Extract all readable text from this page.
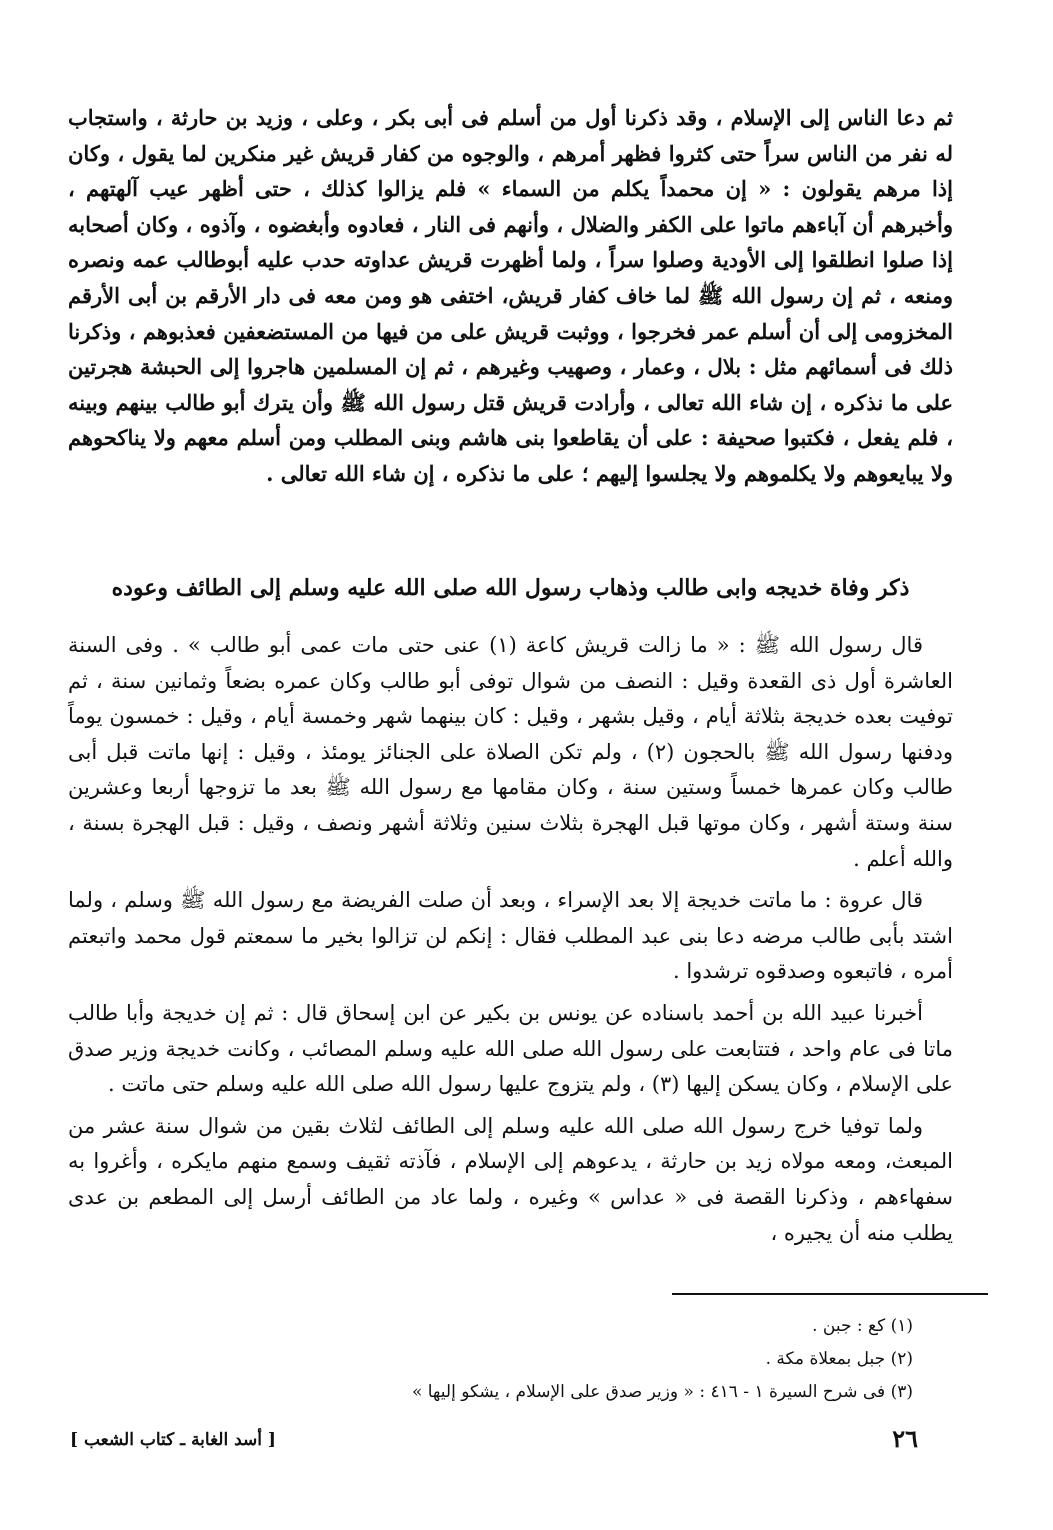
ثم دعا الناس إلى الإسلام ، وقد ذكرنا أول من أسلم فى أبى بكر ، وعلى ، وزيد بن حارثة ، واستجاب له نفر من الناس سراً حتى كثروا فظهر أمرهم ، والوجوه من كفار قريش غير منكرين لما يقول ، وكان إذا مرهم يقولون : « إن محمداً يكلم من السماء » فلم يزالوا كذلك ، حتى أظهر عيب آلهتهم ، وأخبرهم أن آباءهم ماتوا على الكفر والضلال ، وأنهم فى النار ، فعادوه وأبغضوه ، وآذوه ، وكان أصحابه إذا صلوا انطلقوا إلى الأودية وصلوا سراً ، ولما أظهرت قريش عداوته حدب عليه أبوطالب عمه ونصره ومنعه ، ثم إن رسول الله ﷺ لما خاف كفار قريش، اختفى هو ومن معه فى دار الأرقم بن أبى الأرقم المخزومى إلى أن أسلم عمر فخرجوا ، ووثبت قريش على من فيها من المستضعفين فعذبوهم ، وذكرنا ذلك فى أسمائهم مثل : بلال ، وعمار ، وصهيب وغيرهم ، ثم إن المسلمين هاجروا إلى الحبشة هجرتين على ما نذكره ، إن شاء الله تعالى ، وأرادت قريش قتل رسول الله ﷺ وأن يترك أبو طالب بينهم وبينه ، فلم يفعل ، فكتبوا صحيفة : على أن يقاطعوا بنى هاشم وبنى المطلب ومن أسلم معهم ولا يناكحوهم ولا يبايعوهم ولا يكلموهم ولا يجلسوا إليهم ؛ على ما نذكره ، إن شاء الله تعالى .

ذكر وفاة خديجه وابى طالب وذهاب رسول الله صلى الله عليه وسلم إلى الطائف وعوده

قال رسول الله ﷺ : « ما زالت قريش كاعة (١) عنى حتى مات عمى أبو طالب » . وفى السنة العاشرة أول ذى القعدة وقيل : النصف من شوال توفى أبو طالب وكان عمره بضعاً وثمانين سنة ، ثم توفيت بعده خديجة بثلاثة أيام ، وقيل بشهر ، وقيل : كان بينهما شهر وخمسة أيام ، وقيل : خمسون يوماً ودفنها رسول الله ﷺ بالحجون (٢) ، ولم تكن الصلاة على الجنائز يومئذ ، وقيل : إنها ماتت قبل أبى طالب وكان عمرها خمساً وستين سنة ، وكان مقامها مع رسول الله ﷺ بعد ما تزوجها أربعا وعشرين سنة وستة أشهر ، وكان موتها قبل الهجرة بثلاث سنين وثلاثة أشهر ونصف ، وقيل : قبل الهجرة بسنة ، والله أعلم .

قال عروة : ما ماتت خديجة إلا بعد الإسراء ، وبعد أن صلت الفريضة مع رسول الله ﷺ وسلم ، ولما اشتد بأبى طالب مرضه دعا بنى عبد المطلب فقال : إنكم لن تزالوا بخير ما سمعتم قول محمد واتبعتم أمره ، فاتبعوه وصدقوه ترشدوا .

أخبرنا عبيد الله بن أحمد باسناده عن يونس بن بكير عن ابن إسحاق قال : ثم إن خديجة وأبا طالب ماتا فى عام واحد ، فتتابعت على رسول الله صلى الله عليه وسلم المصائب ، وكانت خديجة وزير صدق على الإسلام ، وكان يسكن إليها (٣) ، ولم يتزوج عليها رسول الله صلى الله عليه وسلم حتى ماتت .

ولما توفيا خرج رسول الله صلى الله عليه وسلم إلى الطائف لثلاث بقين من شوال سنة عشر من المبعث، ومعه مولاه زيد بن حارثة ، يدعوهم إلى الإسلام ، فآذته ثقيف وسمع منهم مايكره ، وأغروا به سفهاءهم ، وذكرنا القصة فى « عداس » وغيره ، ولما عاد من الطائف أرسل إلى المطعم بن عدى يطلب منه أن يجيره ،

(١) كع : جبن .
(٢) جبل بمعلاة مكة .
(٣) فى شرح السيرة ١ - ٤١٦ : « وزير صدق على الإسلام ، يشكو إليها »
[ أسد الغابة ـ كتاب الشعب ]	٢٦
